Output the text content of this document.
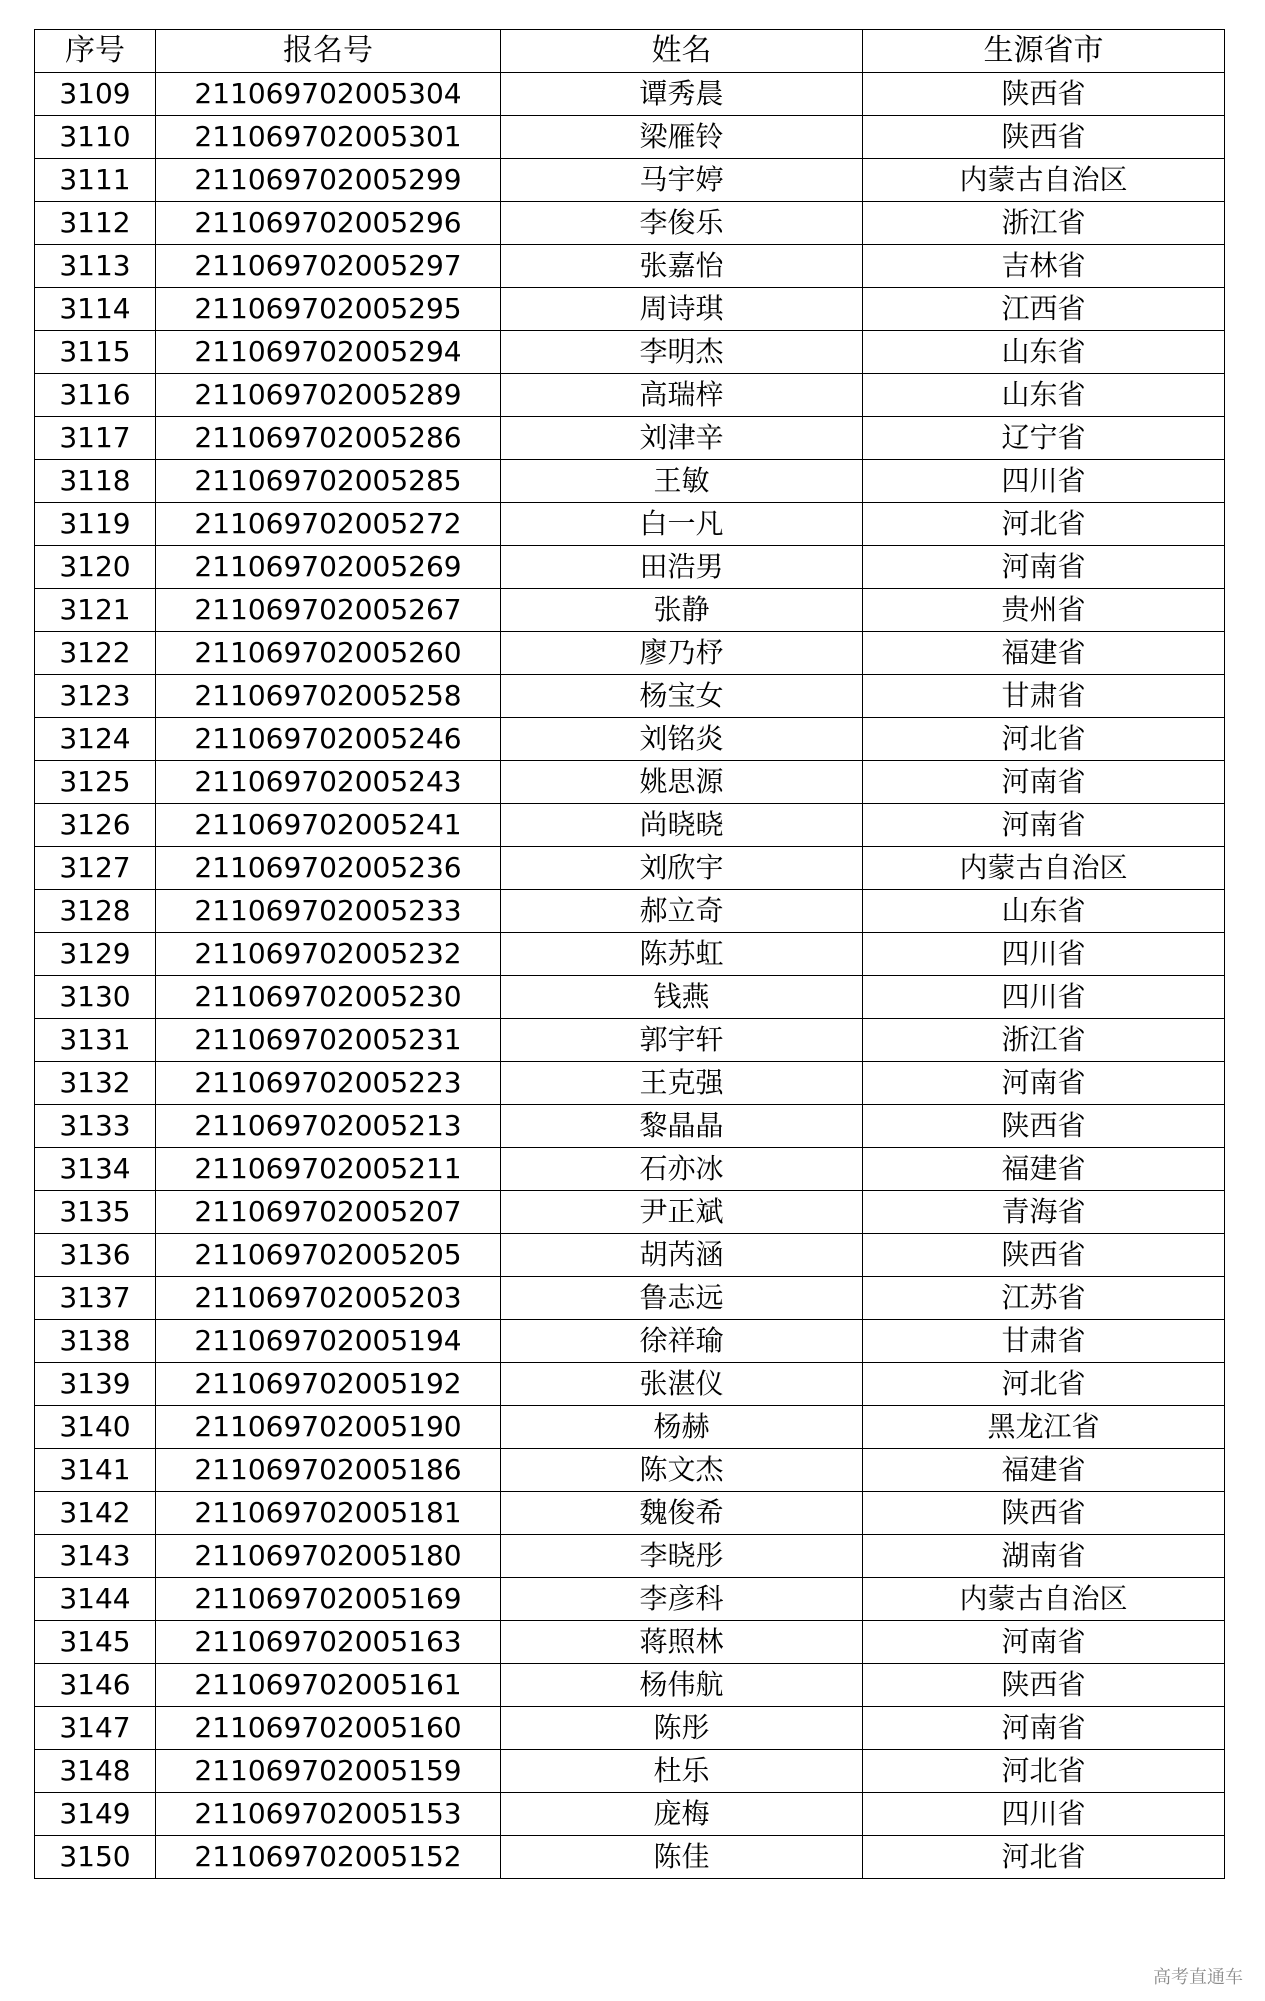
序号	报名号	姓名	生源省市
3109	211069702005304	谭秀晨	陕西省
3110	211069702005301	梁雁铃	陕西省
3111	211069702005299	马宇婷	内蒙古自治区
3112	211069702005296	李俊乐	浙江省
3113	211069702005297	张嘉怡	吉林省
3114	211069702005295	周诗琪	江西省
3115	211069702005294	李明杰	山东省
3116	211069702005289	高瑞梓	山东省
3117	211069702005286	刘津辛	辽宁省
3118	211069702005285	王敏	四川省
3119	211069702005272	白一凡	河北省
3120	211069702005269	田浩男	河南省
3121	211069702005267	张静	贵州省
3122	211069702005260	廖乃杼	福建省
3123	211069702005258	杨宝女	甘肃省
3124	211069702005246	刘铭炎	河北省
3125	211069702005243	姚思源	河南省
3126	211069702005241	尚晓晓	河南省
3127	211069702005236	刘欣宇	内蒙古自治区
3128	211069702005233	郝立奇	山东省
3129	211069702005232	陈苏虹	四川省
3130	211069702005230	钱燕	四川省
3131	211069702005231	郭宇轩	浙江省
3132	211069702005223	王克强	河南省
3133	211069702005213	黎晶晶	陕西省
3134	211069702005211	石亦冰	福建省
3135	211069702005207	尹正斌	青海省
3136	211069702005205	胡芮涵	陕西省
3137	211069702005203	鲁志远	江苏省
3138	211069702005194	徐祥瑜	甘肃省
3139	211069702005192	张湛仪	河北省
3140	211069702005190	杨赫	黑龙江省
3141	211069702005186	陈文杰	福建省
3142	211069702005181	魏俊希	陕西省
3143	211069702005180	李晓彤	湖南省
3144	211069702005169	李彦科	内蒙古自治区
3145	211069702005163	蒋照林	河南省
3146	211069702005161	杨伟航	陕西省
3147	211069702005160	陈彤	河南省
3148	211069702005159	杜乐	河北省
3149	211069702005153	庞梅	四川省
3150	211069702005152	陈佳	河北省
高考直通车
